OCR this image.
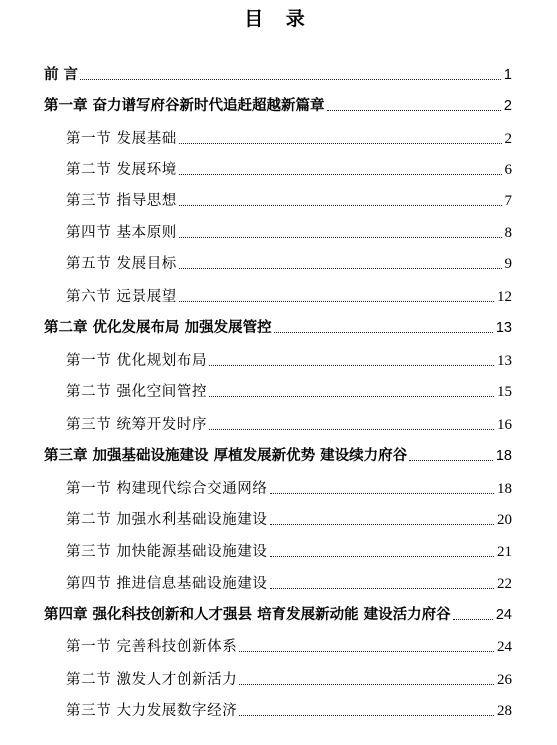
目 录
前 言	1
第一章 奋力谱写府谷新时代追赶超越新篇章	2
第一节 发展基础	2
第二节 发展环境	6
第三节 指导思想	7
第四节 基本原则	8
第五节 发展目标	9
第六节 远景展望	12
第二章 优化发展布局 加强发展管控	13
第一节 优化规划布局	13
第二节 强化空间管控	15
第三节 统筹开发时序	16
第三章 加强基础设施建设 厚植发展新优势 建设续力府谷	18
第一节 构建现代综合交通网络	18
第二节 加强水利基础设施建设	20
第三节 加快能源基础设施建设	21
第四节 推进信息基础设施建设	22
第四章 强化科技创新和人才强县 培育发展新动能 建设活力府谷	24
第一节 完善科技创新体系	24
第二节 激发人才创新活力	26
第三节 大力发展数字经济	28
